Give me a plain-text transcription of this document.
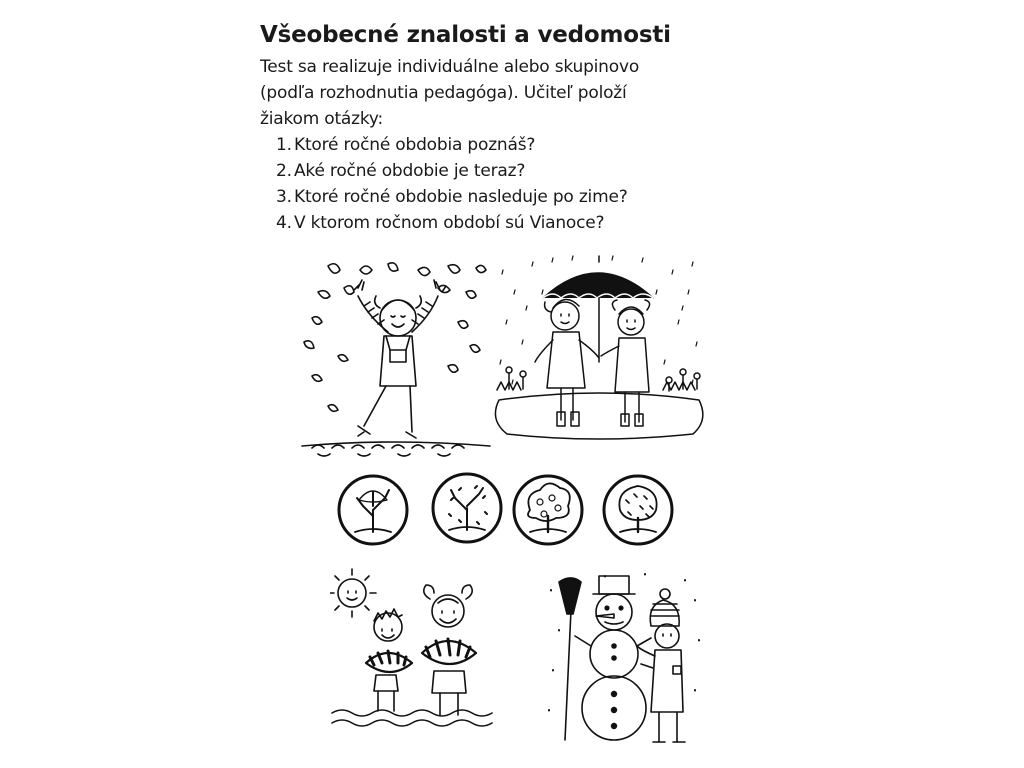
Všeobecné znalosti a vedomosti

Test sa realizuje individuálne alebo skupinovo
(podľa rozhodnutia pedagóga). Učiteľ položí
žiakom otázky:

1. Ktoré ročné obdobia poznáš?
2. Aké ročné obdobie je teraz?
3. Ktoré ročné obdobie nasleduje po zime?
4. V ktorom ročnom období sú Vianoce?
